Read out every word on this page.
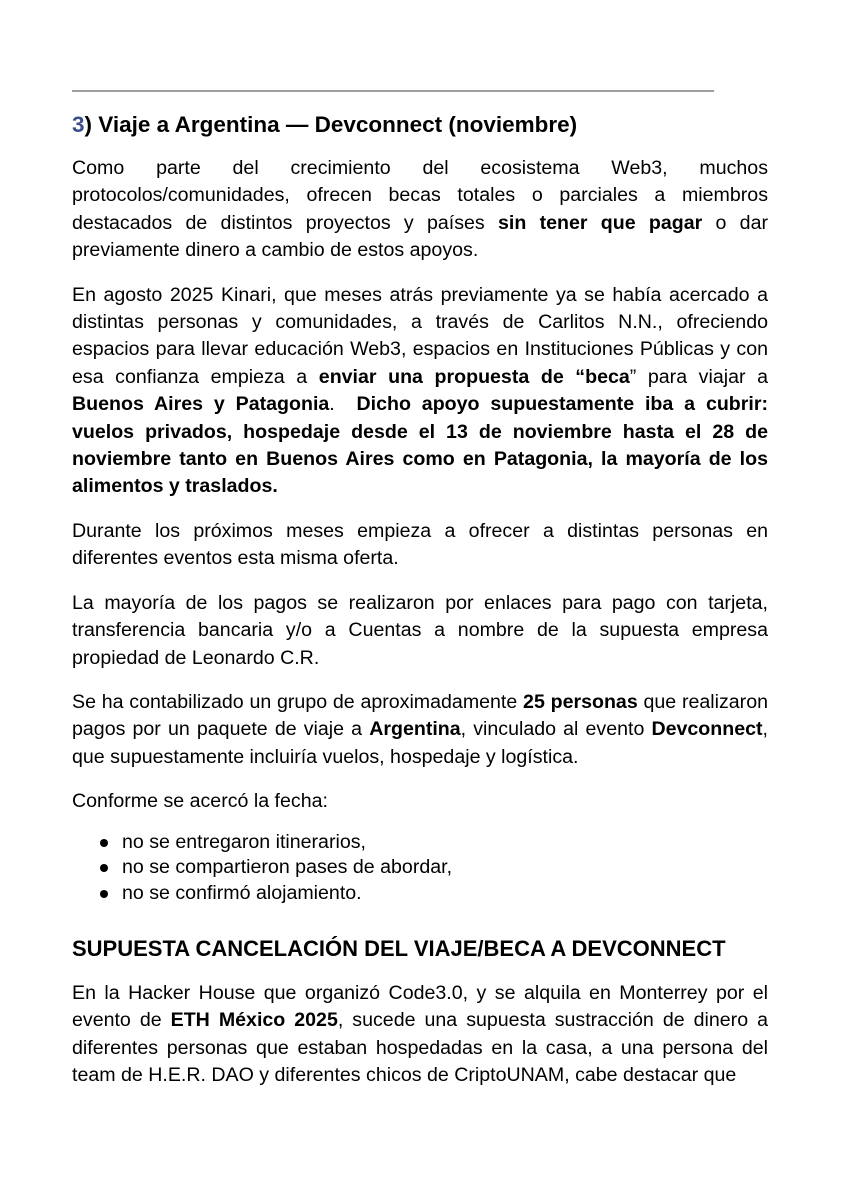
3) Viaje a Argentina — Devconnect (noviembre)

Como parte del crecimiento del ecosistema Web3, muchos protocolos/comunidades, ofrecen becas totales o parciales a miembros destacados de distintos proyectos y países sin tener que pagar o dar previamente dinero a cambio de estos apoyos.

En agosto 2025 Kinari, que meses atrás previamente ya se había acercado a distintas personas y comunidades, a través de Carlitos N.N., ofreciendo espacios para llevar educación Web3, espacios en Instituciones Públicas y con esa confianza empieza a enviar una propuesta de “beca” para viajar a Buenos Aires y Patagonia.  Dicho apoyo supuestamente iba a cubrir: vuelos privados, hospedaje desde el 13 de noviembre hasta el 28 de noviembre tanto en Buenos Aires como en Patagonia, la mayoría de los alimentos y traslados.

Durante los próximos meses empieza a ofrecer a distintas personas en diferentes eventos esta misma oferta.

La mayoría de los pagos se realizaron por enlaces para pago con tarjeta, transferencia bancaria y/o a Cuentas a nombre de la supuesta empresa propiedad de Leonardo C.R.

Se ha contabilizado un grupo de aproximadamente 25 personas que realizaron pagos por un paquete de viaje a Argentina, vinculado al evento Devconnect, que supuestamente incluiría vuelos, hospedaje y logística.

Conforme se acercó la fecha:

no se entregaron itinerarios,
no se compartieron pases de abordar,
no se confirmó alojamiento.
SUPUESTA CANCELACIÓN DEL VIAJE/BECA A DEVCONNECT

En la Hacker House que organizó Code3.0, y se alquila en Monterrey por el evento de ETH México 2025, sucede una supuesta sustracción de dinero a diferentes personas que estaban hospedadas en la casa, a una persona del team de H.E.R. DAO y diferentes chicos de CriptoUNAM, cabe destacar que
